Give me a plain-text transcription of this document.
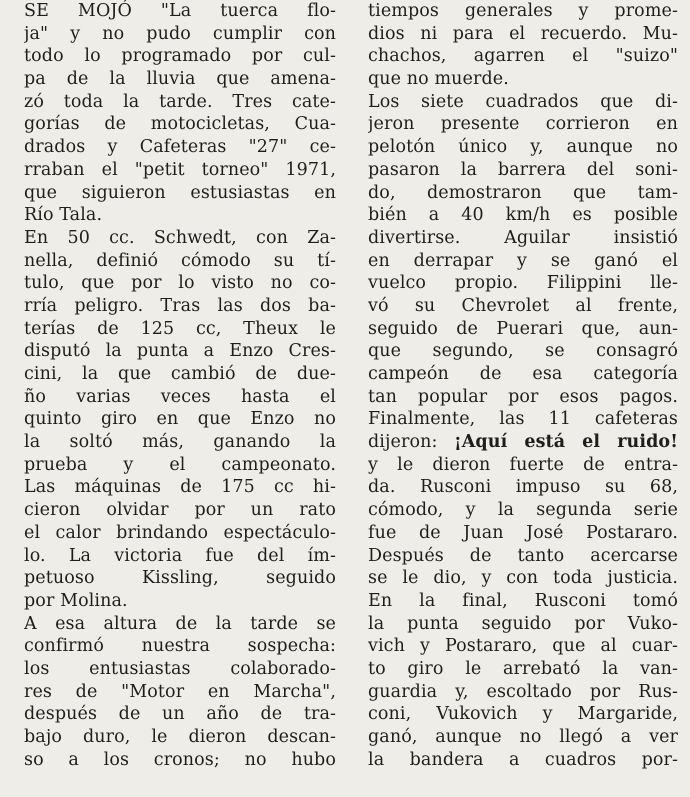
SE MOJÓ "La tuerca flo-
ja" y no pudo cumplir con
todo lo programado por cul-
pa de la lluvia que amena-
zó toda la tarde. Tres cate-
gorías de motocicletas, Cua-
drados y Cafeteras "27" ce-
rraban el "petit torneo" 1971,
que siguieron estusiastas en
Río Tala.
En 50 cc. Schwedt, con Za-
nella, definió cómodo su tí-
tulo, que por lo visto no co-
rría peligro. Tras las dos ba-
terías de 125 cc, Theux le
disputó la punta a Enzo Cres-
cini, la que cambió de due-
ño varias veces hasta el
quinto giro en que Enzo no
la soltó más, ganando la
prueba y el campeonato.
Las máquinas de 175 cc hi-
cieron olvidar por un rato
el calor brindando espectáculo-
lo. La victoria fue del ím-
petuoso Kissling, seguido
por Molina.
A esa altura de la tarde se
confirmó nuestra sospecha:
los entusiastas colaborado-
res de "Motor en Marcha",
después de un año de tra-
bajo duro, le dieron descan-
so a los cronos; no hubo
tiempos generales y prome-
dios ni para el recuerdo. Mu-
chachos, agarren el "suizo"
que no muerde.
Los siete cuadrados que di-
jeron presente corrieron en
pelotón único y, aunque no
pasaron la barrera del soni-
do, demostraron que tam-
bién a 40 km/h es posible
divertirse. Aguilar insistió
en derrapar y se ganó el
vuelco propio. Filippini lle-
vó su Chevrolet al frente,
seguido de Puerari que, aun-
que segundo, se consagró
campeón de esa categoría
tan popular por esos pagos.
Finalmente, las 11 cafeteras
dijeron: ¡Aquí está el ruido!
y le dieron fuerte de entra-
da. Rusconi impuso su 68,
cómodo, y la segunda serie
fue de Juan José Postararo.
Después de tanto acercarse
se le dio, y con toda justicia.
En la final, Rusconi tomó
la punta seguido por Vuko-
vich y Postararo, que al cuar-
to giro le arrebató la van-
guardia y, escoltado por Rus-
coni, Vukovich y Margaride,
ganó, aunque no llegó a ver
la bandera a cuadros por-
